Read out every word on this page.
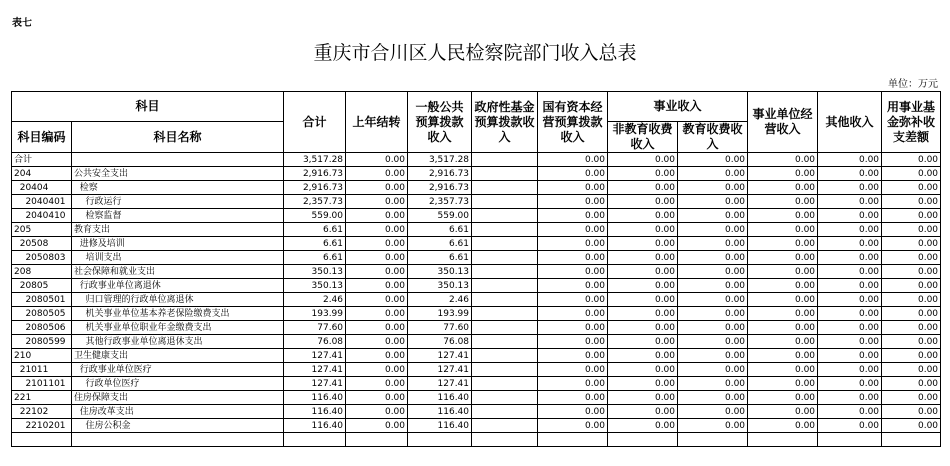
表七
重庆市合川区人民检察院部门收入总表
单位：万元
科目		合计	上年结转	一般公共预算拨款收入	政府性基金预算拨款收入	国有资本经营预算拨款收入	事业收入		事业单位经营收入	其他收入	用事业基金弥补收支差额
科目编码	科目名称						非教育收费收入	教育收费收入			
合计		3,517.28	0.00	3,517.28		0.00	0.00	0.00	0.00	0.00	0.00
204	公共安全支出	2,916.73	0.00	2,916.73		0.00	0.00	0.00	0.00	0.00	0.00
20404	检察	2,916.73	0.00	2,916.73		0.00	0.00	0.00	0.00	0.00	0.00
2040401	行政运行	2,357.73	0.00	2,357.73		0.00	0.00	0.00	0.00	0.00	0.00
2040410	检察监督	559.00	0.00	559.00		0.00	0.00	0.00	0.00	0.00	0.00
205	教育支出	6.61	0.00	6.61		0.00	0.00	0.00	0.00	0.00	0.00
20508	进修及培训	6.61	0.00	6.61		0.00	0.00	0.00	0.00	0.00	0.00
2050803	培训支出	6.61	0.00	6.61		0.00	0.00	0.00	0.00	0.00	0.00
208	社会保障和就业支出	350.13	0.00	350.13		0.00	0.00	0.00	0.00	0.00	0.00
20805	行政事业单位离退休	350.13	0.00	350.13		0.00	0.00	0.00	0.00	0.00	0.00
2080501	归口管理的行政单位离退休	2.46	0.00	2.46		0.00	0.00	0.00	0.00	0.00	0.00
2080505	机关事业单位基本养老保险缴费支出	193.99	0.00	193.99		0.00	0.00	0.00	0.00	0.00	0.00
2080506	机关事业单位职业年金缴费支出	77.60	0.00	77.60		0.00	0.00	0.00	0.00	0.00	0.00
2080599	其他行政事业单位离退休支出	76.08	0.00	76.08		0.00	0.00	0.00	0.00	0.00	0.00
210	卫生健康支出	127.41	0.00	127.41		0.00	0.00	0.00	0.00	0.00	0.00
21011	行政事业单位医疗	127.41	0.00	127.41		0.00	0.00	0.00	0.00	0.00	0.00
2101101	行政单位医疗	127.41	0.00	127.41		0.00	0.00	0.00	0.00	0.00	0.00
221	住房保障支出	116.40	0.00	116.40		0.00	0.00	0.00	0.00	0.00	0.00
22102	住房改革支出	116.40	0.00	116.40		0.00	0.00	0.00	0.00	0.00	0.00
2210201	住房公积金	116.40	0.00	116.40		0.00	0.00	0.00	0.00	0.00	0.00
